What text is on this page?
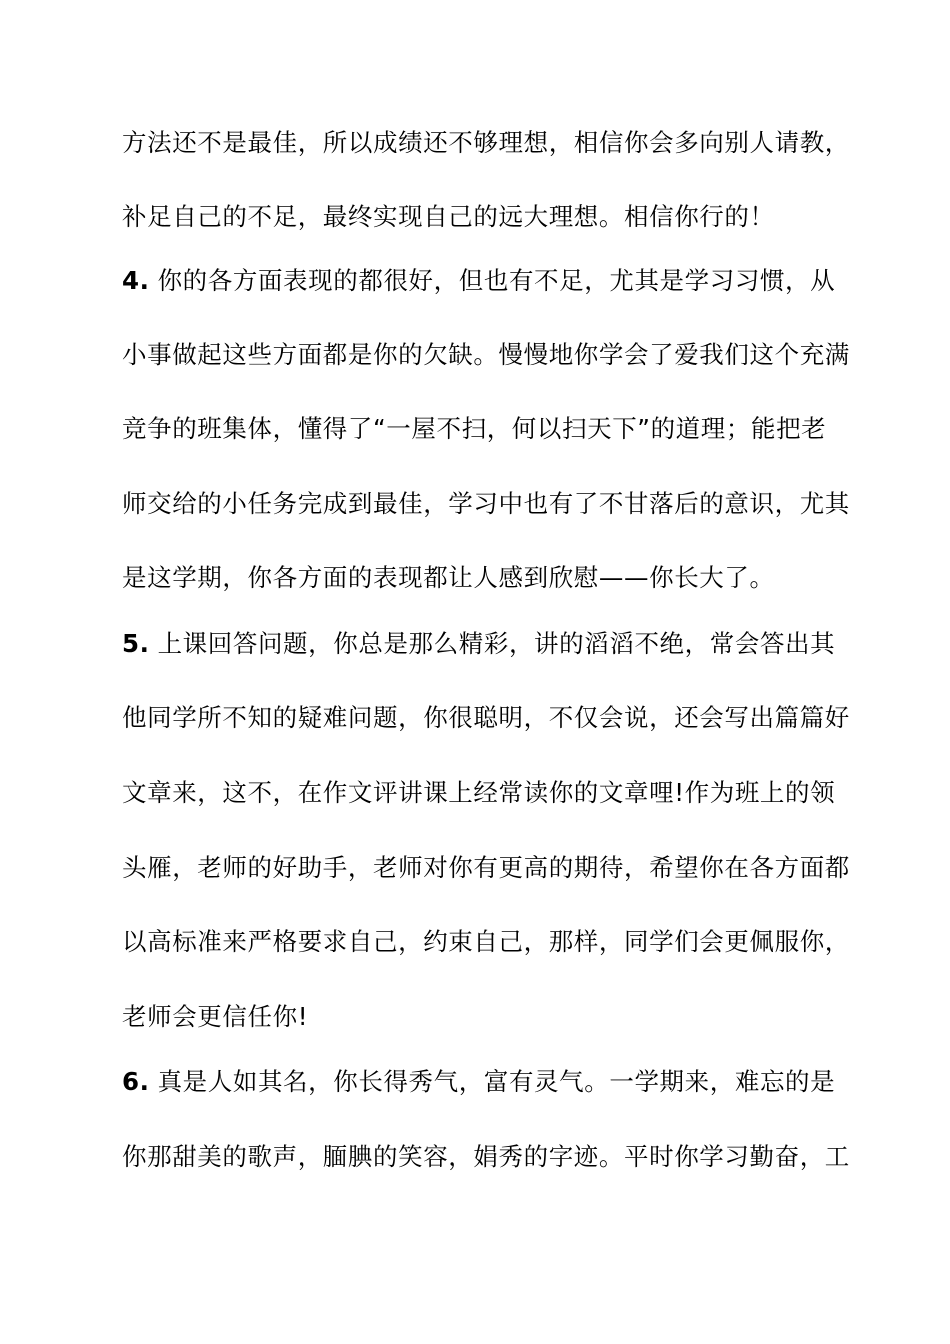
方法还不是最佳，所以成绩还不够理想，相信你会多向别人请教，
补足自己的不足，最终实现自己的远大理想。相信你行的！
4. 你的各方面表现的都很好，但也有不足，尤其是学习习惯，从
小事做起这些方面都是你的欠缺。慢慢地你学会了爱我们这个充满
竞争的班集体，懂得了“一屋不扫，何以扫天下”的道理；能把老
师交给的小任务完成到最佳，学习中也有了不甘落后的意识，尤其
是这学期，你各方面的表现都让人感到欣慰——你长大了。
5. 上课回答问题，你总是那么精彩，讲的滔滔不绝，常会答出其
他同学所不知的疑难问题，你很聪明，不仅会说，还会写出篇篇好
文章来，这不，在作文评讲课上经常读你的文章哩!作为班上的领
头雁，老师的好助手，老师对你有更高的期待，希望你在各方面都
以高标准来严格要求自己，约束自己，那样，同学们会更佩服你，
老师会更信任你!
6. 真是人如其名，你长得秀气，富有灵气。一学期来，难忘的是
你那甜美的歌声，腼腆的笑容，娟秀的字迹。平时你学习勤奋，工
